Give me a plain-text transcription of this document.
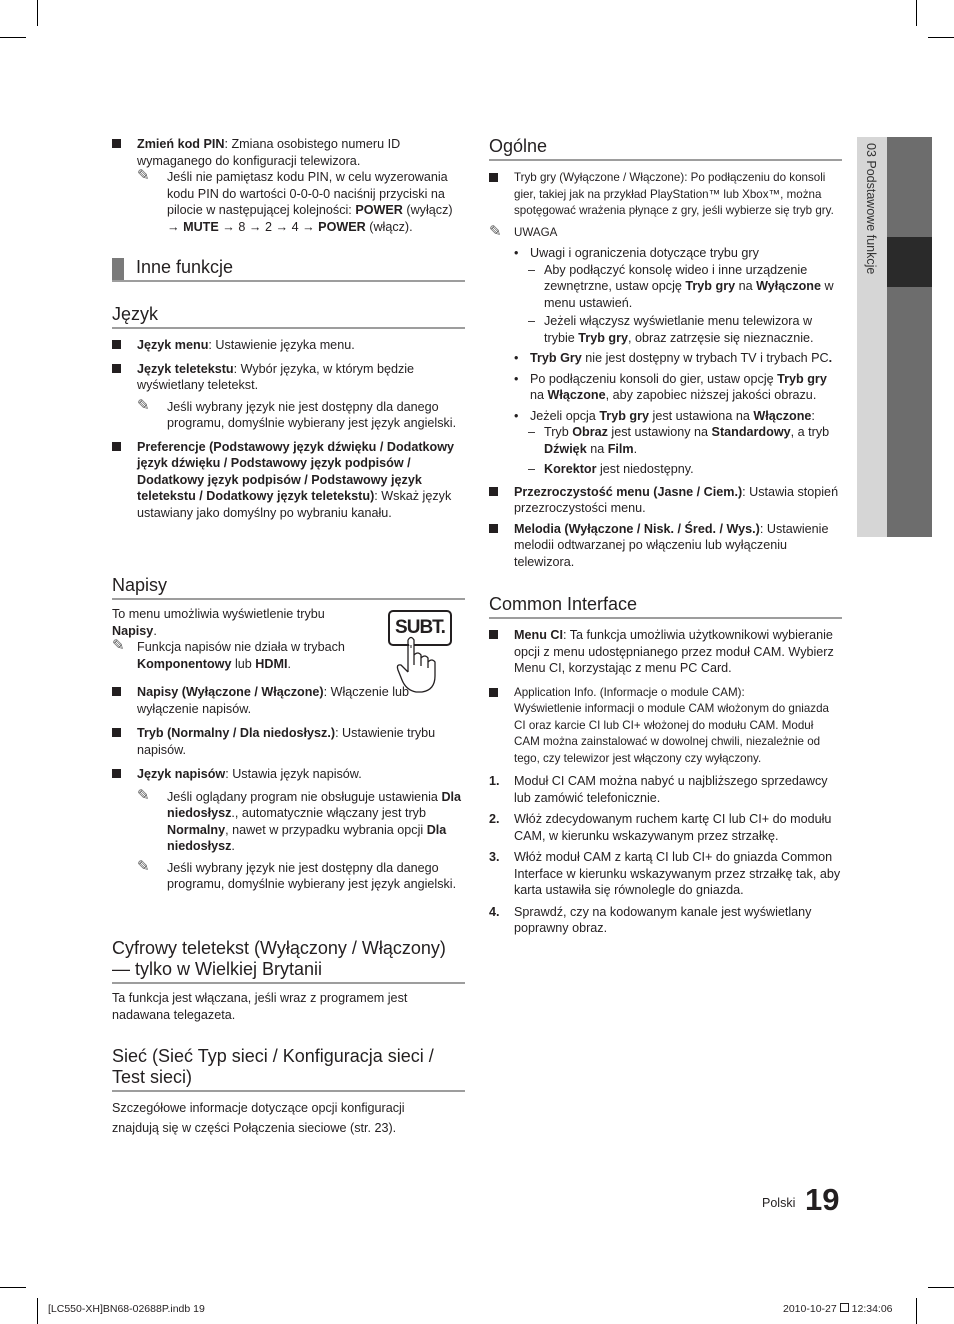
03 Podstawowe funkcje
Zmień kod PIN: Zmiana osobistego numeru ID wymaganego do konfiguracji telewizora.
✎ Jeśli nie pamiętasz kodu PIN, w celu wyzerowania kodu PIN do wartości 0-0-0-0 naciśnij przyciski na pilocie w następującej kolejności: POWER (wyłącz) → MUTE → 8 → 2 → 4 → POWER (włącz).
Inne funkcje
Język
Język menu: Ustawienie języka menu.
Język teletekstu: Wybór języka, w którym będzie wyświetlany teletekst.
✎ Jeśli wybrany język nie jest dostępny dla danego programu, domyślnie wybierany jest język angielski.
Preferencje (Podstawowy język dźwięku / Dodatkowy język dźwięku / Podstawowy język podpisów / Dodatkowy język podpisów / Podstawowy język teletekstu / Dodatkowy język teletekstu): Wskaż język ustawiany jako domyślny po wybraniu kanału.
Napisy
To menu umożliwia wyświetlenie trybu Napisy.
✎ Funkcja napisów nie działa w trybach Komponentowy lub HDMI.
SUBT.
Napisy (Wyłączone / Włączone): Włączenie lub wyłączenie napisów.
Tryb (Normalny / Dla niedosłysz.): Ustawienie trybu napisów.
Język napisów: Ustawia język napisów.
✎ Jeśli oglądany program nie obsługuje ustawienia Dla niedosłysz., automatycznie włączany jest tryb Normalny, nawet w przypadku wybrania opcji Dla niedosłysz.
✎ Jeśli wybrany język nie jest dostępny dla danego programu, domyślnie wybierany jest język angielski.
Cyfrowy teletekst (Wyłączony / Włączony) — tylko w Wielkiej Brytanii
Ta funkcja jest włączana, jeśli wraz z programem jest nadawana telegazeta.
Sieć (Sieć Typ sieci / Konfiguracja sieci / Test sieci)
Szczegółowe informacje dotyczące opcji konfiguracji znajdują się w części Połączenia sieciowe (str. 23).
Ogólne
Tryb gry (Wyłączone / Włączone): Po podłączeniu do konsoli gier, takiej jak na przykład PlayStation™ lub Xbox™, można spotęgować wrażenia płynące z gry, jeśli wybierze się tryb gry.
✎ UWAGA
• Uwagi i ograniczenia dotyczące trybu gry
– Aby podłączyć konsolę wideo i inne urządzenie zewnętrzne, ustaw opcję Tryb gry na Wyłączone w menu ustawień.
– Jeżeli włączysz wyświetlanie menu telewizora w trybie Tryb gry, obraz zatrzęsie się nieznacznie.
• Tryb Gry nie jest dostępny w trybach TV i trybach PC.
• Po podłączeniu konsoli do gier, ustaw opcję Tryb gry na Włączone, aby zapobiec niższej jakości obrazu.
• Jeżeli opcja Tryb gry jest ustawiona na Włączone:
– Tryb Obraz jest ustawiony na Standardowy, a tryb Dźwięk na Film.
– Korektor jest niedostępny.
Przezroczystość menu (Jasne / Ciem.): Ustawia stopień przezroczystości menu.
Melodia (Wyłączone / Nisk. / Śred. / Wys.): Ustawienie melodii odtwarzanej po włączeniu lub wyłączeniu telewizora.
Common Interface
Menu CI: Ta funkcja umożliwia użytkownikowi wybieranie opcji z menu udostępnianego przez moduł CAM. Wybierz Menu CI, korzystając z menu PC Card.
Application Info. (Informacje o module CAM):
Wyświetlenie informacji o module CAM włożonym do gniazda CI oraz karcie CI lub CI+ włożonej do modułu CAM. Moduł CAM można zainstalować w dowolnej chwili, niezależnie od tego, czy telewizor jest włączony czy wyłączony.
1. Moduł CI CAM można nabyć u najbliższego sprzedawcy lub zamówić telefonicznie.
2. Włóż zdecydowanym ruchem kartę CI lub CI+ do modułu CAM, w kierunku wskazywanym przez strzałkę.
3. Włóż moduł CAM z kartą CI lub CI+ do gniazda Common Interface w kierunku wskazywanym przez strzałkę tak, aby karta ustawiła się równolegle do gniazda.
4. Sprawdź, czy na kodowanym kanale jest wyświetlany poprawny obraz.
Polski 19
[LC550-XH]BN68-02688P.indb 19	2010-10-27 12:34:06
